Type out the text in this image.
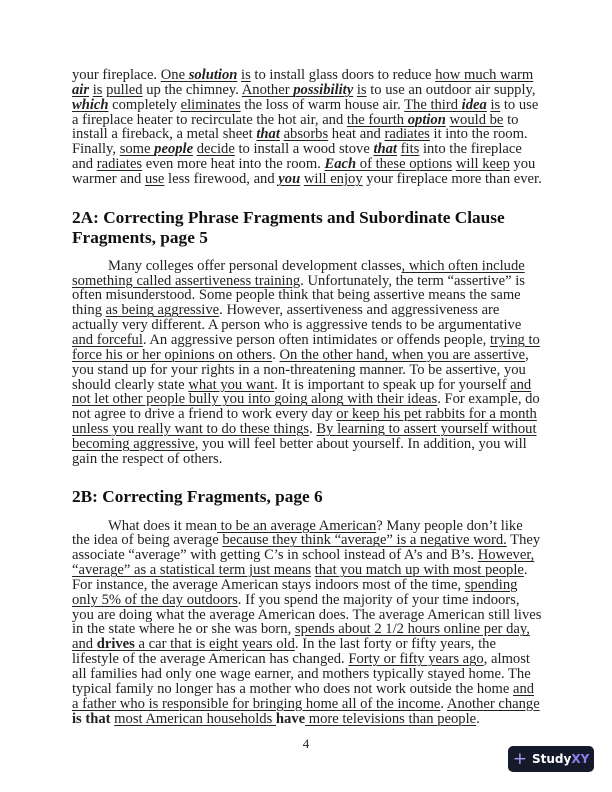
your fireplace. One solution is to install glass doors to reduce how much warm air is pulled up the chimney. Another possibility is to use an outdoor air supply, which completely eliminates the loss of warm house air. The third idea is to use a fireplace heater to recirculate the hot air, and the fourth option would be to install a fireback, a metal sheet that absorbs heat and radiates it into the room. Finally, some people decide to install a wood stove that fits into the fireplace and radiates even more heat into the room. Each of these options will keep you warmer and use less firewood, and you will enjoy your fireplace more than ever.

2A: Correcting Phrase Fragments and Subordinate Clause Fragments, page 5

Many colleges offer personal development classes, which often include something called assertiveness training. Unfortunately, the term “assertive” is often misunderstood. Some people think that being assertive means the same thing as being aggressive. However, assertiveness and aggressiveness are actually very different. A person who is aggressive tends to be argumentative and forceful. An aggressive person often intimidates or offends people, trying to force his or her opinions on others. On the other hand, when you are assertive, you stand up for your rights in a non-threatening manner. To be assertive, you should clearly state what you want. It is important to speak up for yourself and not let other people bully you into going along with their ideas. For example, do not agree to drive a friend to work every day or keep his pet rabbits for a month unless you really want to do these things. By learning to assert yourself without becoming aggressive, you will feel better about yourself. In addition, you will gain the respect of others.

2B: Correcting Fragments, page 6

What does it mean to be an average American? Many people don’t like the idea of being average because they think “average” is a negative word. They associate “average” with getting C’s in school instead of A’s and B’s. However, “average” as a statistical term just means that you match up with most people. For instance, the average American stays indoors most of the time, spending only 5% of the day outdoors. If you spend the majority of your time indoors, you are doing what the average American does. The average American still lives in the state where he or she was born, spends about 2 1/2 hours online per day, and drives a car that is eight years old. In the last forty or fifty years, the lifestyle of the average American has changed. Forty or fifty years ago, almost all families had only one wage earner, and mothers typically stayed home. The typical family no longer has a mother who does not work outside the home and a father who is responsible for bringing home all of the income. Another change is that most American households have more televisions than people.

4
+ StudyXY
